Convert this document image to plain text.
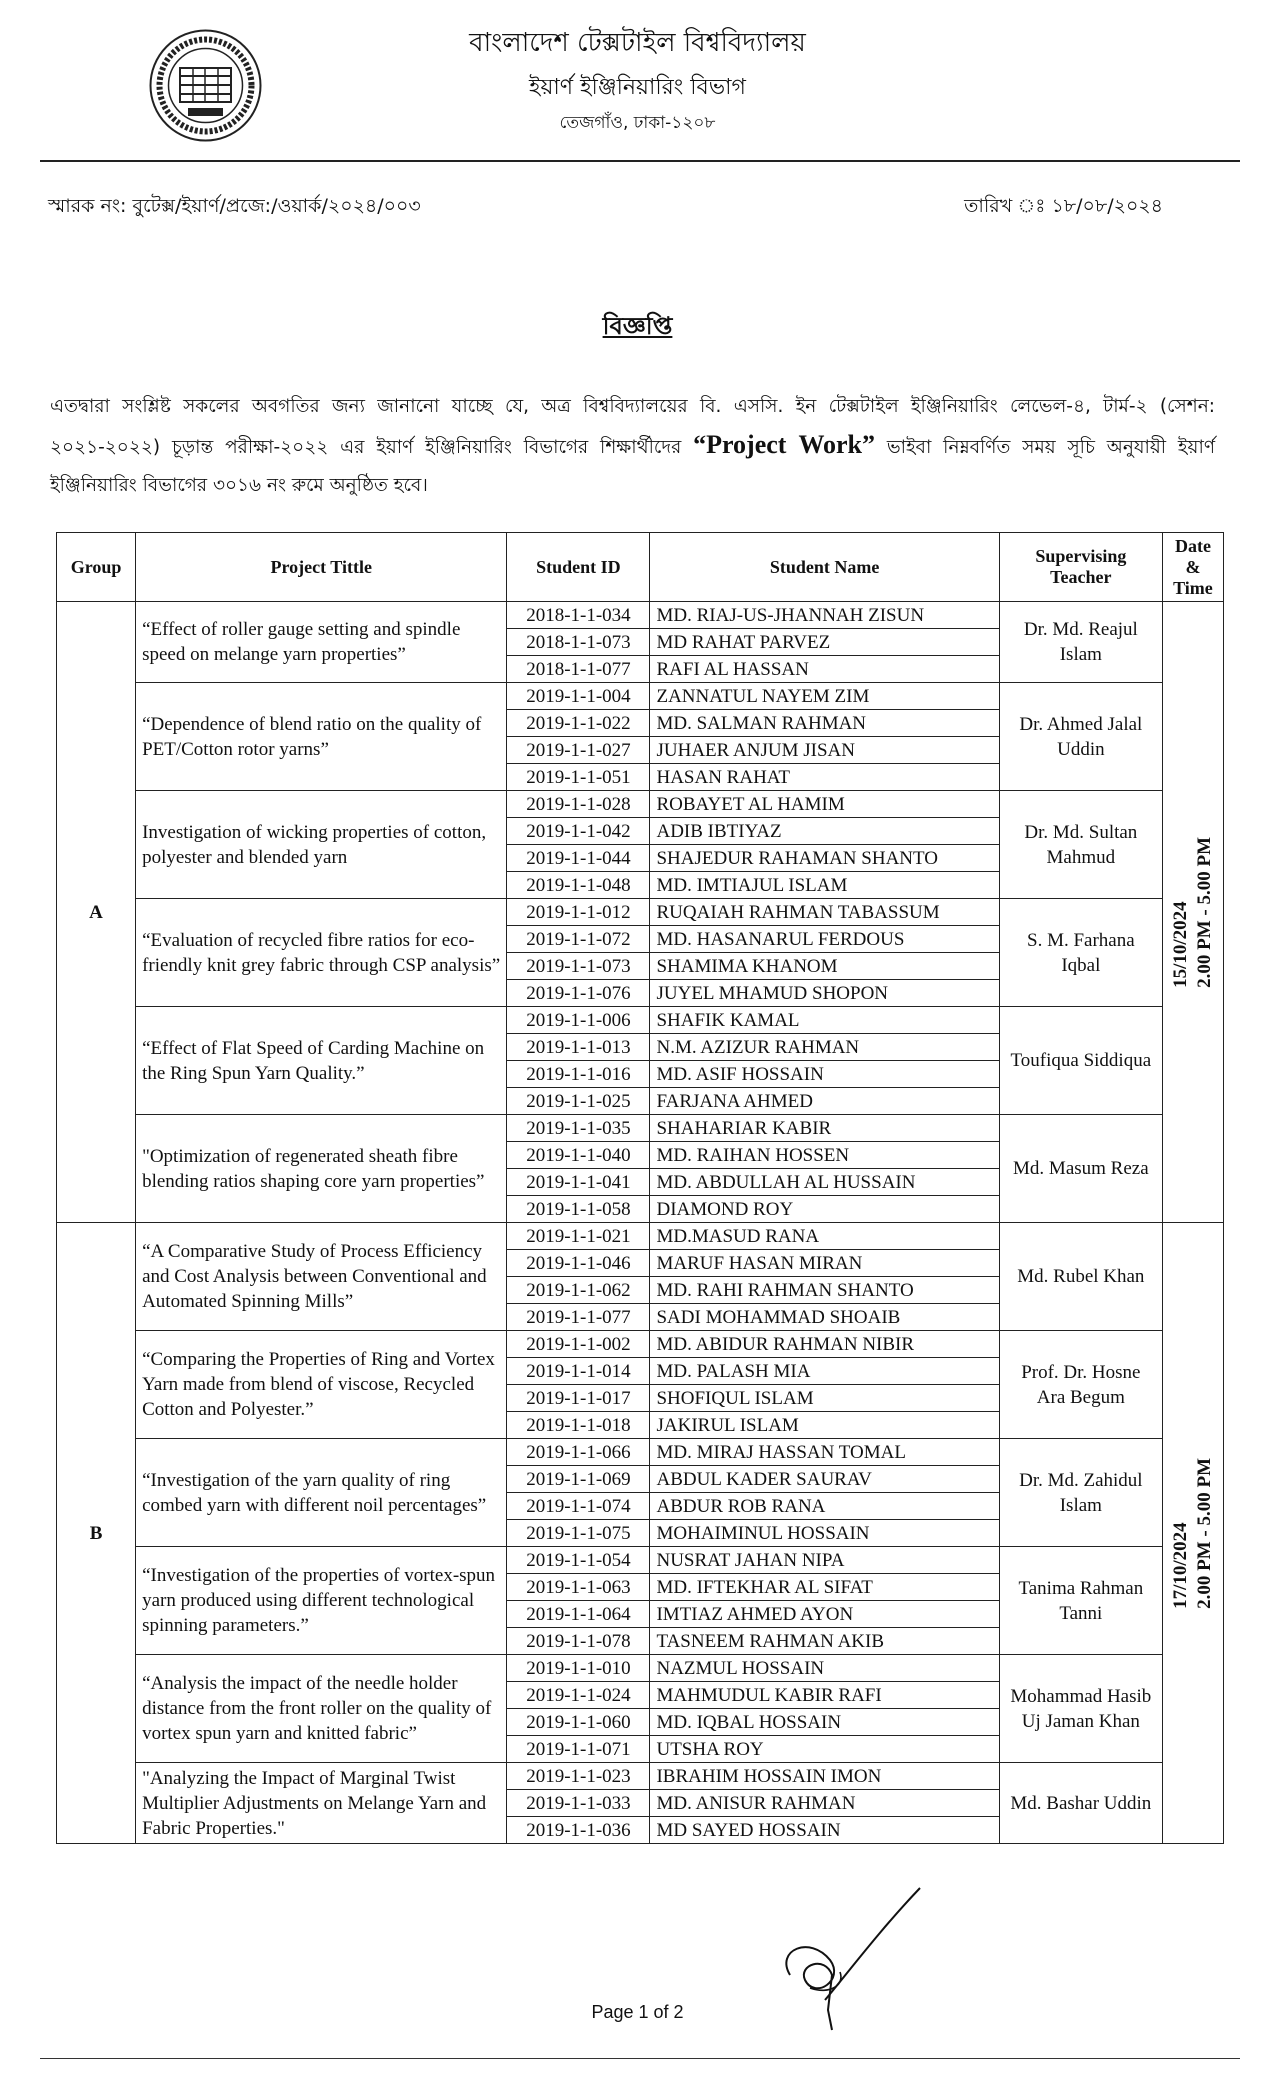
বাংলাদেশ টেক্সটাইল বিশ্ববিদ্যালয়
ইয়ার্ণ ইঞ্জিনিয়ারিং বিভাগ
তেজগাঁও, ঢাকা-১২০৮
স্মারক নং: বুটেক্স/ইয়ার্ণ/প্রজে:/ওয়ার্ক/২০২৪/০০৩	তারিখ ঃ ১৮/০৮/২০২৪
বিজ্ঞপ্তি
এতদ্বারা সংশ্লিষ্ট সকলের অবগতির জন্য জানানো যাচ্ছে যে, অত্র বিশ্ববিদ্যালয়ের বি. এসসি. ইন টেক্সটাইল ইঞ্জিনিয়ারিং লেভেল-৪, টার্ম-২ (সেশন: ২০২১-২০২২) চূড়ান্ত পরীক্ষা-২০২২ এর ইয়ার্ণ ইঞ্জিনিয়ারিং বিভাগের শিক্ষার্থীদের “Project Work” ভাইবা নিম্নবর্ণিত সময় সূচি অনুযায়ী ইয়ার্ণ ইঞ্জিনিয়ারিং বিভাগের ৩০১৬ নং রুমে অনুষ্ঠিত হবে।
Group	Project Tittle	Student ID	Student Name	Supervising Teacher	Date & Time
A	“Effect of roller gauge setting and spindle speed on melange yarn properties”	2018-1-1-034	MD. RIAJ-US-JHANNAH ZISUN	Dr. Md. Reajul Islam	15/10/2024 2.00 PM - 5.00 PM

		2018-1-1-073	MD RAHAT PARVEZ		
		2018-1-1-077	RAFI AL HASSAN		
	“Dependence of blend ratio on the quality of PET/Cotton rotor yarns”	2019-1-1-004	ZANNATUL NAYEM ZIM	Dr. Ahmed Jalal Uddin	
		2019-1-1-022	MD. SALMAN RAHMAN		
		2019-1-1-027	JUHAER ANJUM JISAN		
		2019-1-1-051	HASAN RAHAT		
	Investigation of wicking properties of cotton, polyester and blended yarn	2019-1-1-028	ROBAYET AL HAMIM	Dr. Md. Sultan Mahmud	
		2019-1-1-042	ADIB IBTIYAZ		
		2019-1-1-044	SHAJEDUR RAHAMAN SHANTO		
		2019-1-1-048	MD. IMTIAJUL ISLAM		
	“Evaluation of recycled fibre ratios for eco-friendly knit grey fabric through CSP analysis”	2019-1-1-012	RUQAIAH RAHMAN TABASSUM	S. M. Farhana Iqbal	
		2019-1-1-072	MD. HASANARUL FERDOUS		
		2019-1-1-073	SHAMIMA KHANOM		
		2019-1-1-076	JUYEL MHAMUD SHOPON		
	“Effect of Flat Speed of Carding Machine on the Ring Spun Yarn Quality.”	2019-1-1-006	SHAFIK KAMAL	Toufiqua Siddiqua	
		2019-1-1-013	N.M. AZIZUR RAHMAN		
		2019-1-1-016	MD. ASIF HOSSAIN		
		2019-1-1-025	FARJANA AHMED		
	"Optimization of regenerated sheath fibre blending ratios shaping core yarn properties”	2019-1-1-035	SHAHARIAR KABIR	Md. Masum Reza	
		2019-1-1-040	MD. RAIHAN HOSSEN		
		2019-1-1-041	MD. ABDULLAH AL HUSSAIN		
		2019-1-1-058	DIAMOND ROY		
B	“A Comparative Study of Process Efficiency and Cost Analysis between Conventional and Automated Spinning Mills”	2019-1-1-021	MD.MASUD RANA	Md. Rubel Khan	17/10/2024 2.00 PM - 5.00 PM

		2019-1-1-046	MARUF HASAN MIRAN		
		2019-1-1-062	MD. RAHI RAHMAN SHANTO		
		2019-1-1-077	SADI MOHAMMAD SHOAIB		
	“Comparing the Properties of Ring and Vortex Yarn made from blend of viscose, Recycled Cotton and Polyester.”	2019-1-1-002	MD. ABIDUR RAHMAN NIBIR	Prof. Dr. Hosne Ara Begum	
		2019-1-1-014	MD. PALASH MIA		
		2019-1-1-017	SHOFIQUL ISLAM		
		2019-1-1-018	JAKIRUL ISLAM		
	“Investigation of the yarn quality of ring combed yarn with different noil percentages”	2019-1-1-066	MD. MIRAJ HASSAN TOMAL	Dr. Md. Zahidul Islam	
		2019-1-1-069	ABDUL KADER SAURAV		
		2019-1-1-074	ABDUR ROB RANA		
		2019-1-1-075	MOHAIMINUL HOSSAIN		
	“Investigation of the properties of vortex-spun yarn produced using different technological spinning parameters.”	2019-1-1-054	NUSRAT JAHAN NIPA	Tanima Rahman Tanni	
		2019-1-1-063	MD. IFTEKHAR AL SIFAT		
		2019-1-1-064	IMTIAZ AHMED AYON		
		2019-1-1-078	TASNEEM RAHMAN AKIB		
	“Analysis the impact of the needle holder distance from the front roller on the quality of vortex spun yarn and knitted fabric”	2019-1-1-010	NAZMUL HOSSAIN	Mohammad Hasib Uj Jaman Khan	
		2019-1-1-024	MAHMUDUL KABIR RAFI		
		2019-1-1-060	MD. IQBAL HOSSAIN		
		2019-1-1-071	UTSHA ROY		
	"Analyzing the Impact of Marginal Twist Multiplier Adjustments on Melange Yarn and Fabric Properties."	2019-1-1-023	IBRAHIM HOSSAIN IMON	Md. Bashar Uddin	
		2019-1-1-033	MD. ANISUR RAHMAN		
		2019-1-1-036	MD SAYED HOSSAIN		
Page 1 of 2
